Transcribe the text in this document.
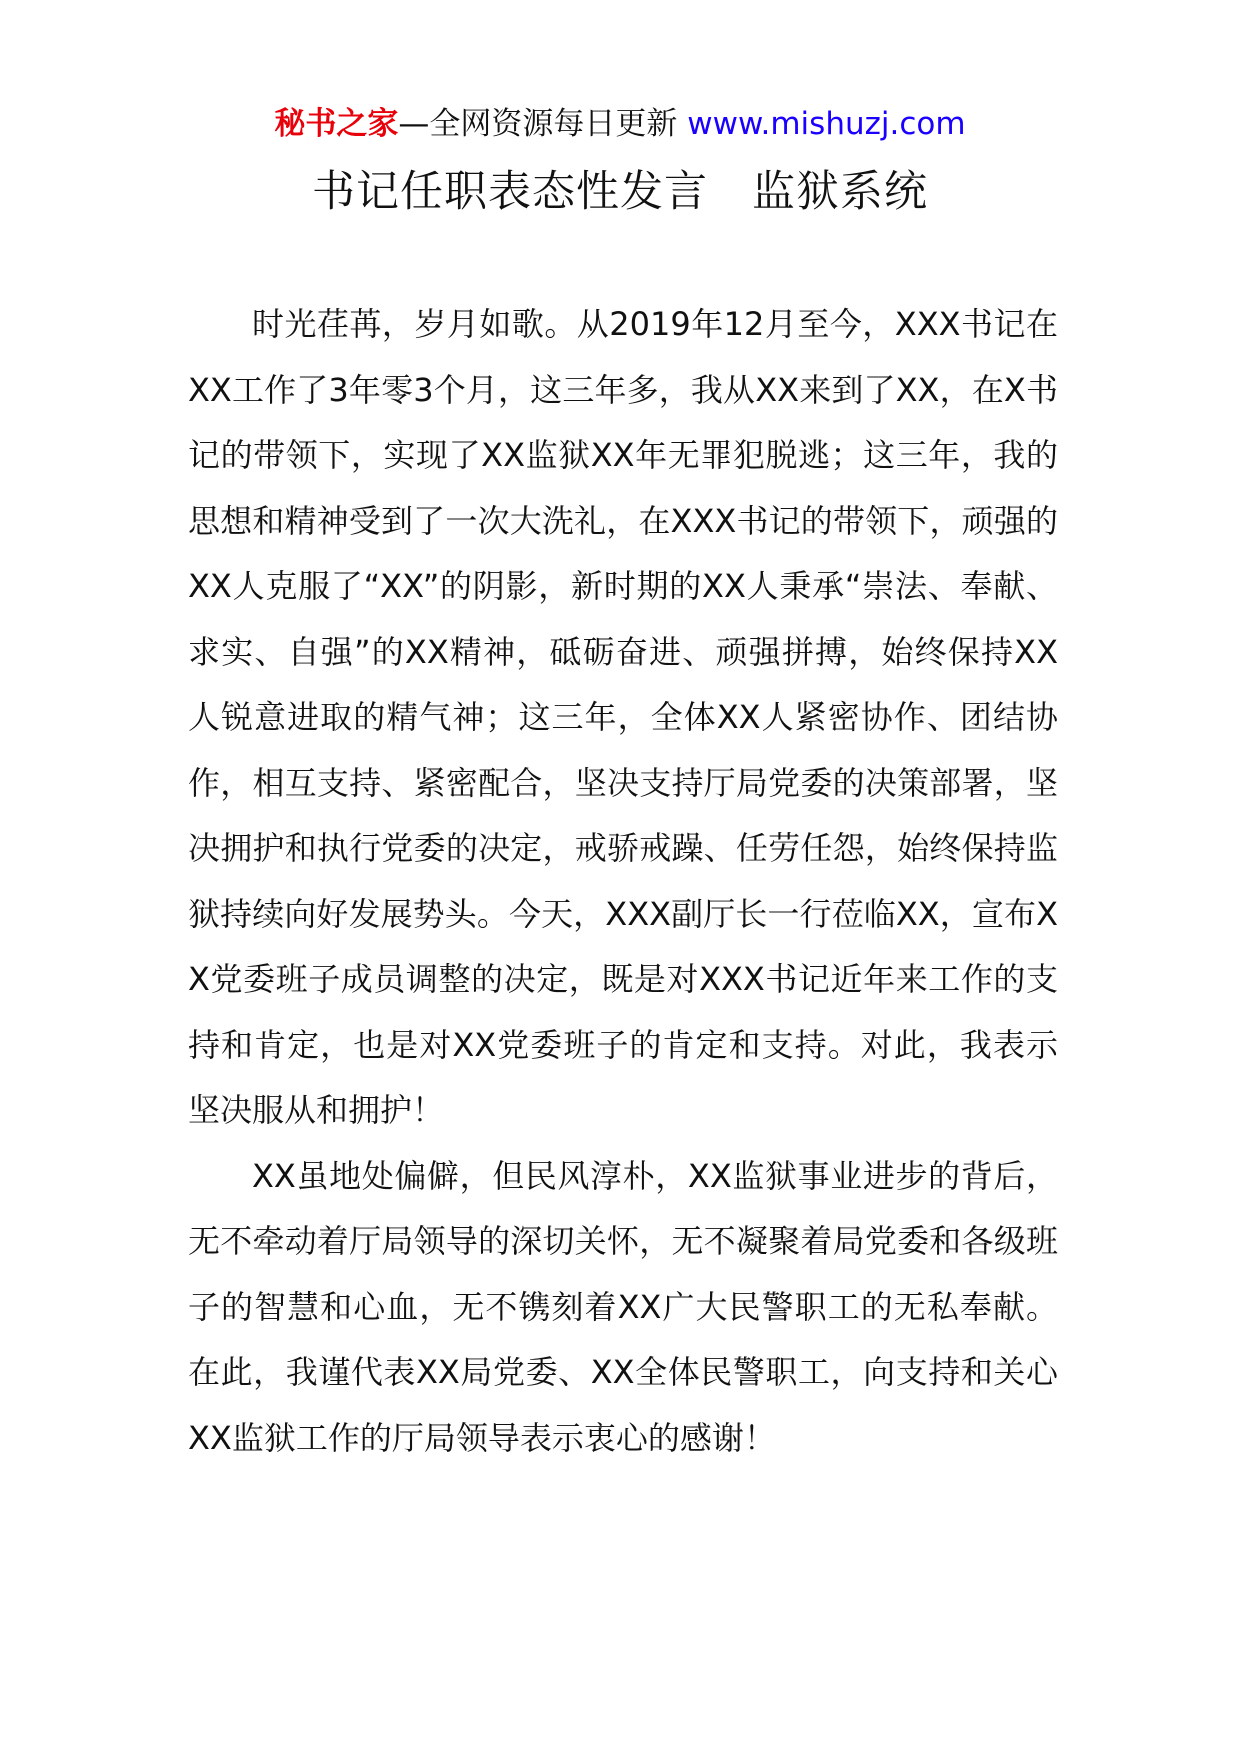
秘书之家—全网资源每日更新 www.mishuzj.com
书记任职表态性发言　监狱系统

时光荏苒，岁月如歌。从2019年12月至今，XXX书记在XX工作了3年零3个月，这三年多，我从XX来到了XX，在X书记的带领下，实现了XX监狱XX年无罪犯脱逃；这三年，我的思想和精神受到了一次大洗礼，在XXX书记的带领下，顽强的XX人克服了“XX”的阴影，新时期的XX人秉承“崇法、奉献、求实、自强”的XX精神，砥砺奋进、顽强拼搏，始终保持XX人锐意进取的精气神；这三年，全体XX人紧密协作、团结协作，相互支持、紧密配合，坚决支持厅局党委的决策部署，坚决拥护和执行党委的决定，戒骄戒躁、任劳任怨，始终保持监狱持续向好发展势头。今天，XXX副厅长一行莅临XX，宣布XX党委班子成员调整的决定，既是对XXX书记近年来工作的支持和肯定，也是对XX党委班子的肯定和支持。对此，我表示坚决服从和拥护！

XX虽地处偏僻，但民风淳朴，XX监狱事业进步的背后，无不牵动着厅局领导的深切关怀，无不凝聚着局党委和各级班子的智慧和心血，无不镌刻着XX广大民警职工的无私奉献。在此，我谨代表XX局党委、XX全体民警职工，向支持和关心XX监狱工作的厅局领导表示衷心的感谢！
